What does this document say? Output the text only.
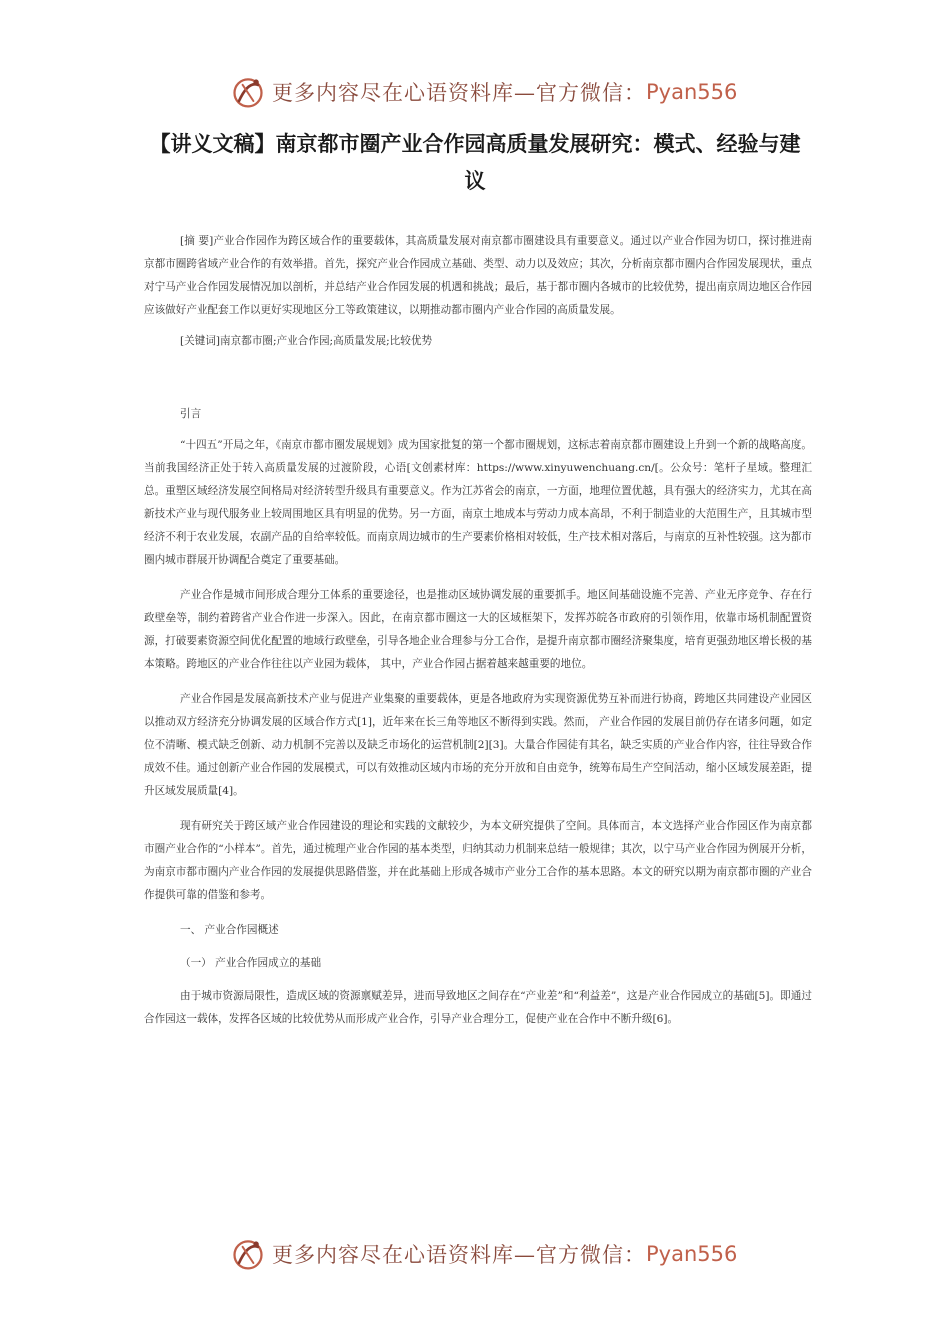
更多内容尽在心语资料库—官方微信： Pyan556
【讲义文稿】南京都市圈产业合作园高质量发展研究：模式、经验与建议

[摘 要]产业合作园作为跨区域合作的重要载体，其高质量发展对南京都市圈建设具有重要意义。通过以产业合作园为切口，探讨推进南京都市圈跨省域产业合作的有效举措。首先，探究产业合作园成立基础、类型、动力以及效应；其次，分析南京都市圈内合作园发展现状，重点对宁马产业合作园发展情况加以剖析，并总结产业合作园发展的机遇和挑战；最后，基于都市圈内各城市的比较优势，提出南京周边地区合作园应该做好产业配套工作以更好实现地区分工等政策建议，以期推动都市圈内产业合作园的高质量发展。

[关键词]南京都市圈;产业合作园;高质量发展;比较优势

引言

“十四五”开局之年，《南京市都市圈发展规划》成为国家批复的第一个都市圈规划，这标志着南京都市圈建设上升到一个新的战略高度。当前我国经济正处于转入高质量发展的过渡阶段，心语[文创素材库：https://www.xinyuwenchuang.cn/[。公众号：笔杆子星域。整理汇总。重塑区域经济发展空间格局对经济转型升级具有重要意义。作为江苏省会的南京，一方面，地理位置优越，具有强大的经济实力，尤其在高新技术产业与现代服务业上较周围地区具有明显的优势。另一方面，南京土地成本与劳动力成本高昂，不利于制造业的大范围生产，且其城市型经济不利于农业发展，农副产品的自给率较低。而南京周边城市的生产要素价格相对较低，生产技术相对落后，与南京的互补性较强。这为都市圈内城市群展开协调配合奠定了重要基础。

产业合作是城市间形成合理分工体系的重要途径，也是推动区域协调发展的重要抓手。地区间基础设施不完善、产业无序竞争、存在行政壁垒等，制约着跨省产业合作进一步深入。因此，在南京都市圈这一大的区域框架下，发挥苏皖各市政府的引领作用，依靠市场机制配置资源，打破要素资源空间优化配置的地域行政壁垒，引导各地企业合理参与分工合作，是提升南京都市圈经济聚集度，培育更强劲地区增长极的基本策略。跨地区的产业合作往往以产业园为载体， 其中，产业合作园占据着越来越重要的地位。

产业合作园是发展高新技术产业与促进产业集聚的重要载体，更是各地政府为实现资源优势互补而进行协商，跨地区共同建设产业园区以推动双方经济充分协调发展的区域合作方式[1]，近年来在长三角等地区不断得到实践。然而， 产业合作园的发展目前仍存在诸多问题，如定位不清晰、模式缺乏创新、动力机制不完善以及缺乏市场化的运营机制[2][3]。大量合作园徒有其名，缺乏实质的产业合作内容，往往导致合作成效不佳。通过创新产业合作园的发展模式，可以有效推动区域内市场的充分开放和自由竞争，统筹布局生产空间活动，缩小区域发展差距，提升区域发展质量[4]。

现有研究关于跨区域产业合作园建设的理论和实践的文献较少，为本文研究提供了空间。具体而言，本文选择产业合作园区作为南京都市圈产业合作的“小样本”。首先，通过梳理产业合作园的基本类型，归纳其动力机制来总结一般规律；其次，以宁马产业合作园为例展开分析，为南京市都市圈内产业合作园的发展提供思路借鉴，并在此基础上形成各城市产业分工合作的基本思路。本文的研究以期为南京都市圈的产业合作提供可靠的借鉴和参考。

一、 产业合作园概述

（一） 产业合作园成立的基础

由于城市资源局限性，造成区域的资源禀赋差异，进而导致地区之间存在“产业差”和“利益差”，这是产业合作园成立的基础[5]。即通过合作园这一载体，发挥各区域的比较优势从而形成产业合作，引导产业合理分工，促使产业在合作中不断升级[6]。

更多内容尽在心语资料库—官方微信： Pyan556
